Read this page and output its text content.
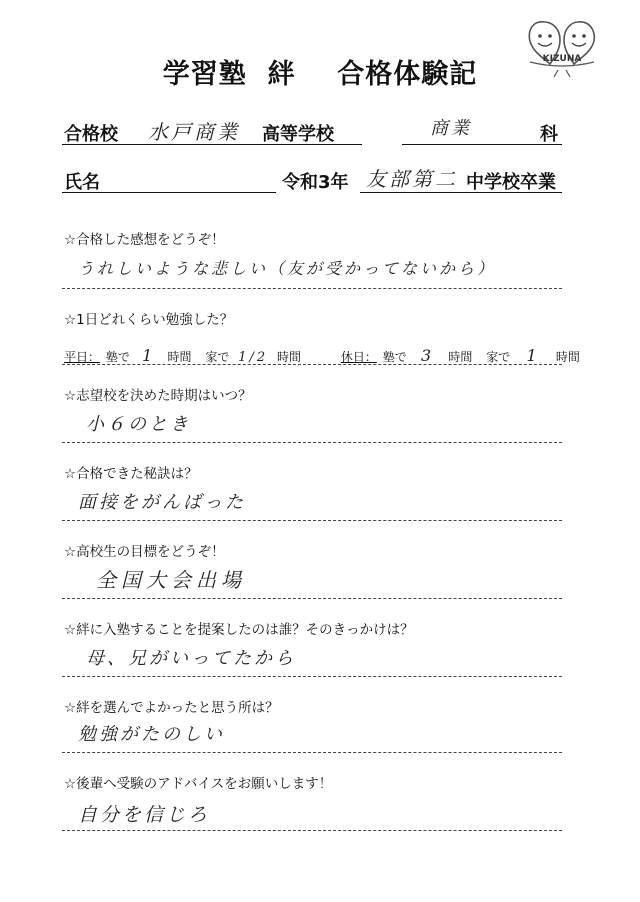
学習塾  絆    合格体験記	KIZUNA
合格校 水戸商業 高等学校	商業	科
氏名	令和3年 友部第二 中学校卒業
☆合格した感想をどうぞ！
うれしいような悲しい（友が受かってないから）
☆1日どれくらい勉強した？
平日： 塾で 1 時間 家で 1/2 時間	休日： 塾で 3 時間 家で 1 時間
☆志望校を決めた時期はいつ？
小６のとき
☆合格できた秘訣は？
面接をがんばった
☆高校生の目標をどうぞ！
全国大会出場
☆絆に入塾することを提案したのは誰？そのきっかけは？
母、兄がいってたから
☆絆を選んでよかったと思う所は？
勉強がたのしい
☆後輩へ受験のアドバイスをお願いします！
自分を信じろ
